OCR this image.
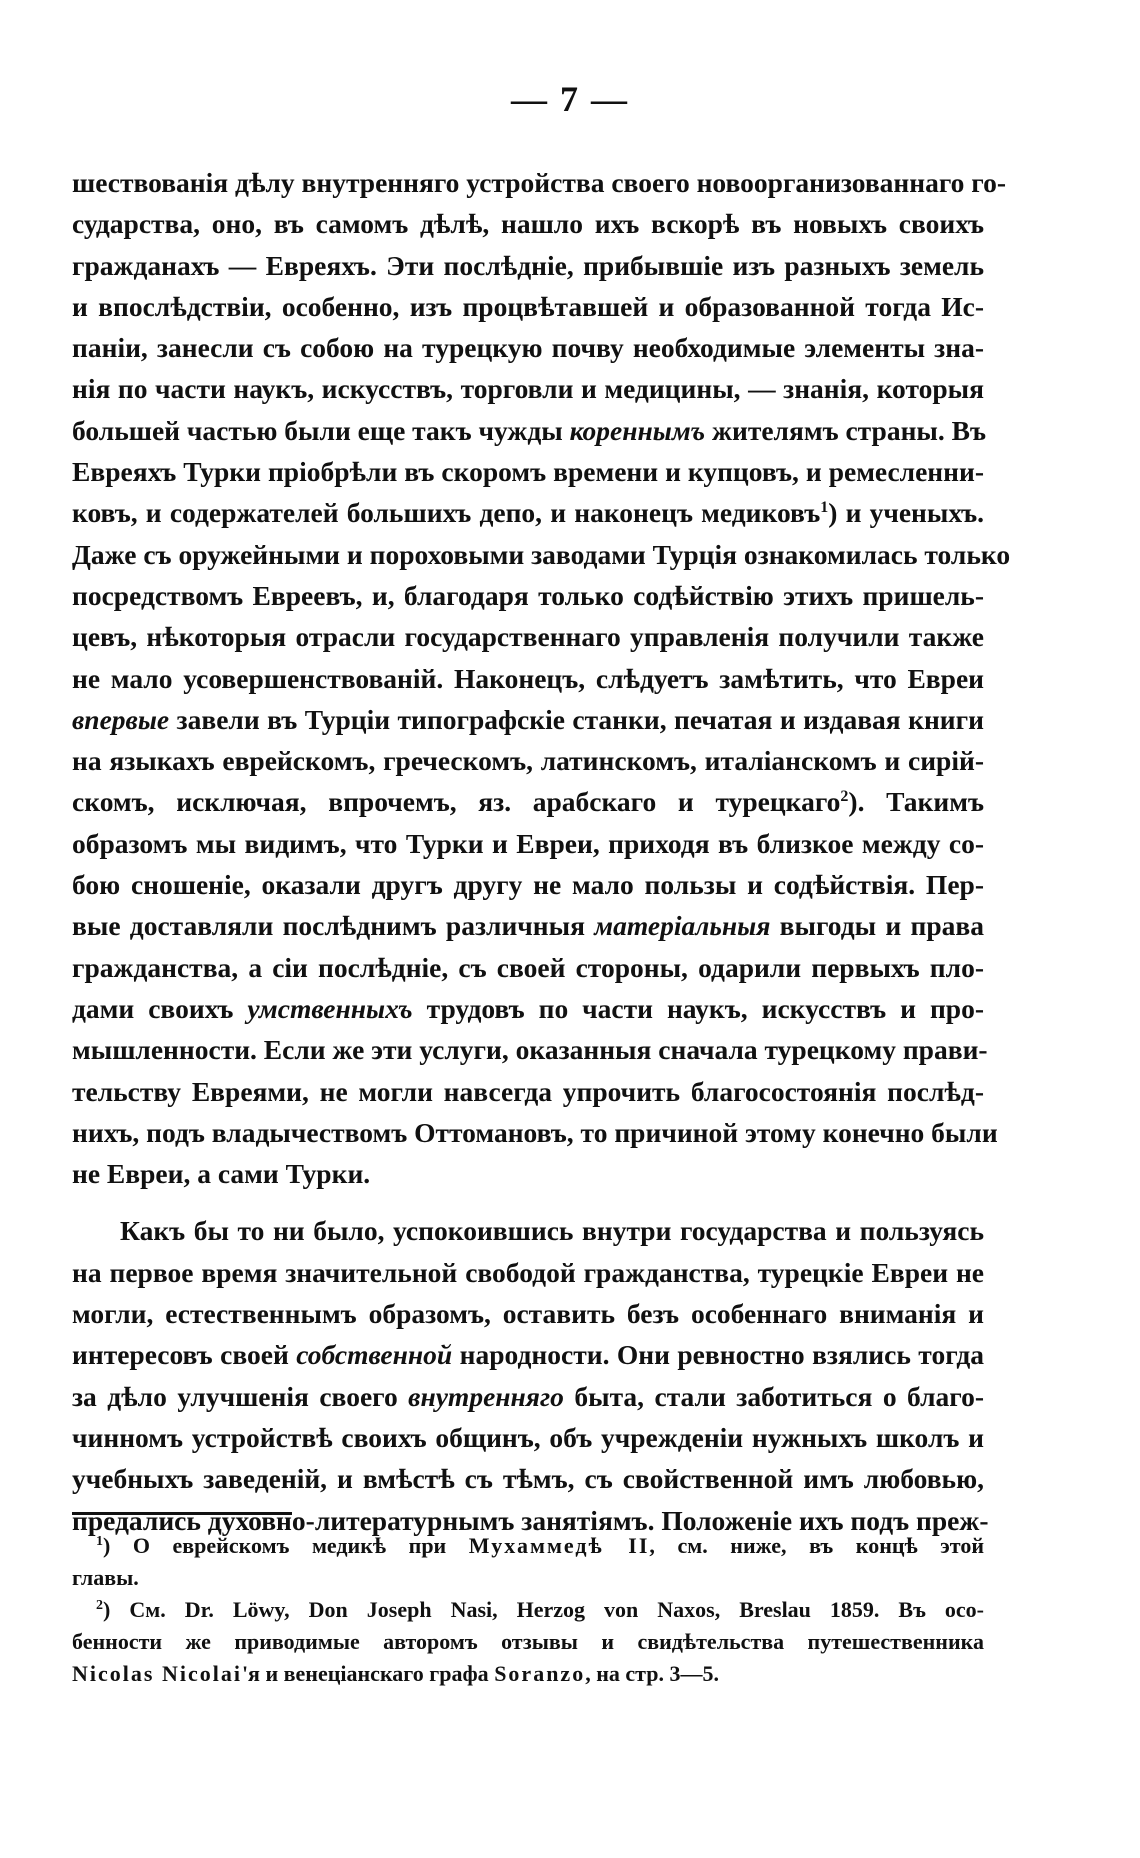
— 7 —
шествованія дѣлу внутренняго устройства своего новоорганизованнаго го-
сударства, оно, въ самомъ дѣлѣ, нашло ихъ вскорѣ въ новыхъ своихъ
гражданахъ — Евреяхъ. Эти послѣдніе, прибывшіе изъ разныхъ земель
и впослѣдствіи, особенно, изъ процвѣтавшей и образованной тогда Ис-
паніи, занесли съ собою на турецкую почву необходимые элементы зна-
нія по части наукъ, искусствъ, торговли и медицины, — знанія, которыя
большей частью были еще такъ чужды кореннымъ жителямъ страны. Въ
Евреяхъ Турки пріобрѣли въ скоромъ времени и купцовъ, и ремесленни-
ковъ, и содержателей большихъ депо, и наконецъ медиковъ$^1$) и ученыхъ.
Даже съ оружейными и пороховыми заводами Турція ознакомилась только
посредствомъ Евреевъ, и, благодаря только содѣйствію этихъ пришель-
цевъ, нѣкоторыя отрасли государственнаго управленія получили также
не мало усовершенствованій. Наконецъ, слѣдуетъ замѣтить, что Евреи
впервые завели въ Турціи типографскіе станки, печатая и издавая книги
на языкахъ еврейскомъ, греческомъ, латинскомъ, италіанскомъ и сирій-
скомъ, исключая, впрочемъ, яз. арабскаго и турецкаго$^2$). Такимъ
образомъ мы видимъ, что Турки и Евреи, приходя въ близкое между со-
бою сношеніе, оказали другъ другу не мало пользы и содѣйствія. Пер-
вые доставляли послѣднимъ различныя матеріальныя выгоды и права
гражданства, а сіи послѣдніе, съ своей стороны, одарили первыхъ пло-
дами своихъ умственныхъ трудовъ по части наукъ, искусствъ и про-
мышленности. Если же эти услуги, оказанныя сначала турецкому прави-
тельству Евреями, не могли навсегда упрочить благосостоянія послѣд-
нихъ, подъ владычествомъ Оттомановъ, то причиной этому конечно были
не Евреи, а сами Турки.
Какъ бы то ни было, успокоившись внутри государства и пользуясь
на первое время значительной свободой гражданства, турецкіе Евреи не
могли, естественнымъ образомъ, оставить безъ особеннаго вниманія и
интересовъ своей собственной народности. Они ревностно взялись тогда
за дѣло улучшенія своего внутренняго быта, стали заботиться о благо-
чинномъ устройствѣ своихъ общинъ, объ учрежденіи нужныхъ школъ и
учебныхъ заведеній, и вмѣстѣ съ тѣмъ, съ свойственной имъ любовью,
предались духовно-литературнымъ занятіямъ. Положеніе ихъ подъ преж-
$^1$) О еврейскомъ медикѣ при Мухаммедѣ II, см. ниже, въ концѣ этой
главы.
$^2$) См. Dr. Löwy, Don Joseph Nasi, Herzog von Naxos, Breslau 1859. Въ осо-
бенности же приводимые авторомъ отзывы и свидѣтельства путешественника
Nicolas Nicolai'я и венеціанскаго графа Soranzo, на стр. 3—5.
